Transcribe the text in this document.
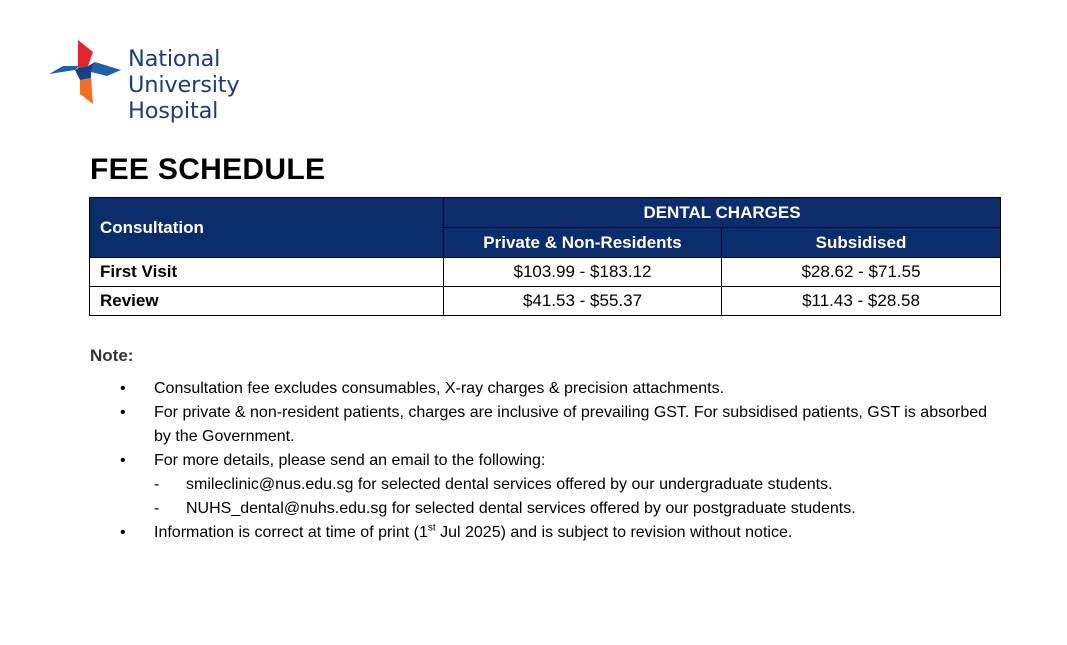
National University
Hospital
FEE SCHEDULE
Consultation	DENTAL CHARGES	
	Private & Non-Residents	Subsidised
First Visit	$103.99 - $183.12	$28.62 - $71.55
Review	$41.53 - $55.37	$11.43 - $28.58

Note:

• Consultation fee excludes consumables, X-ray charges & precision attachments.
• For private & non-resident patients, charges are inclusive of prevailing GST. For subsidised patients, GST is absorbed by the Government.
• For more details, please send an email to the following:
- smileclinic@nus.edu.sg for selected dental services offered by our undergraduate students.
- NUHS_dental@nuhs.edu.sg for selected dental services offered by our postgraduate students.
• Information is correct at time of print (1st Jul 2025) and is subject to revision without notice.
